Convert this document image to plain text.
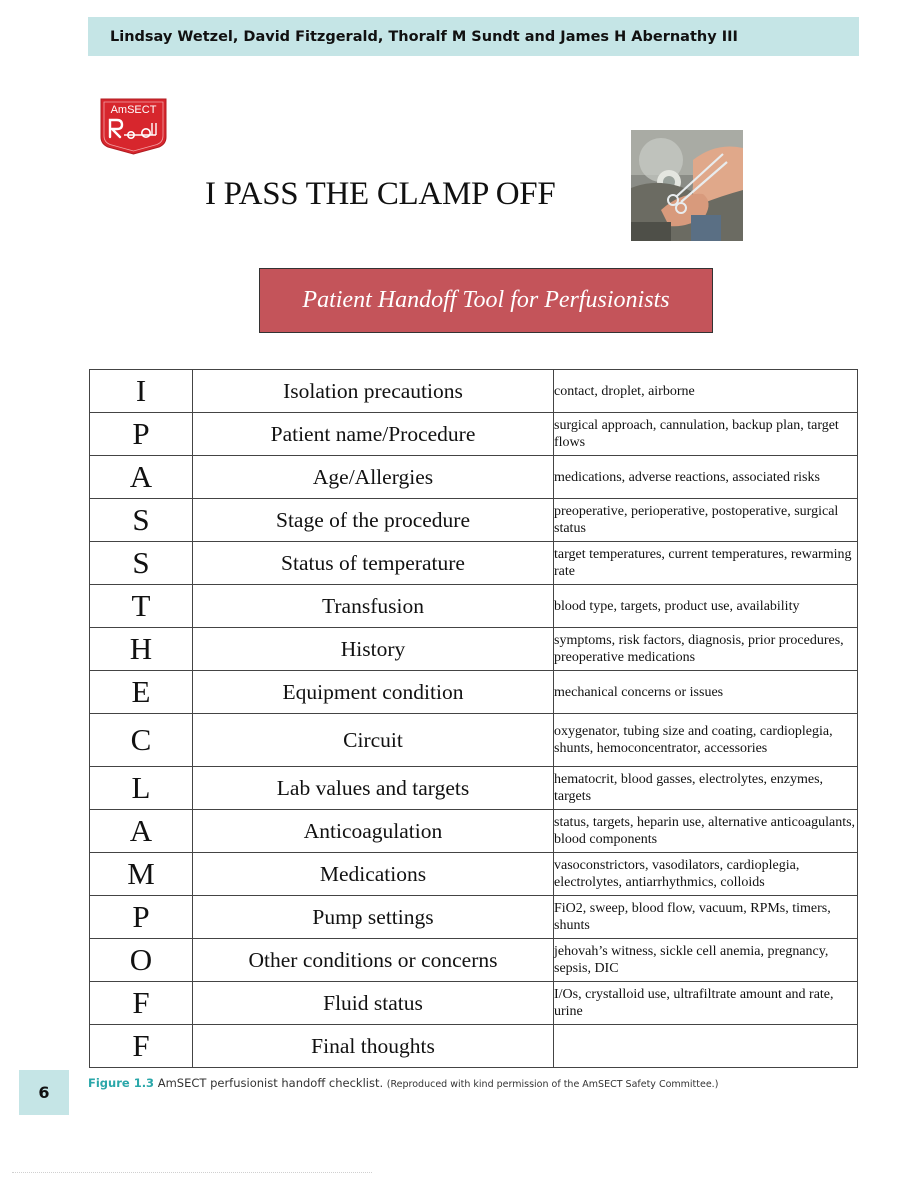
Lindsay Wetzel, David Fitzgerald, Thoralf M Sundt and James H Abernathy III
AmSECT
I PASS THE CLAMP OFF
Patient Handoff Tool for Perfusionists
I	Isolation precautions	contact, droplet, airborne
P	Patient name/Procedure	surgical approach, cannulation, backup plan, target flows
A	Age/Allergies	medications, adverse reactions, associated risks
S	Stage of the procedure	preoperative, perioperative, postoperative, surgical status
S	Status of temperature	target temperatures, current temperatures, rewarming rate
T	Transfusion	blood type, targets, product use, availability
H	History	symptoms, risk factors, diagnosis, prior procedures, preoperative medications
E	Equipment condition	mechanical concerns or issues
C	Circuit	oxygenator, tubing size and coating, cardioplegia, shunts, hemoconcentrator, accessories
L	Lab values and targets	hematocrit, blood gasses, electrolytes, enzymes, targets
A	Anticoagulation	status, targets, heparin use, alternative anticoagulants, blood components
M	Medications	vasoconstrictors, vasodilators, cardioplegia, electrolytes, antiarrhythmics, colloids
P	Pump settings	FiO2, sweep, blood flow, vacuum, RPMs, timers, shunts
O	Other conditions or concerns	jehovah’s witness, sickle cell anemia, pregnancy, sepsis, DIC
F	Fluid status	I/Os, crystalloid use, ultrafiltrate amount and rate, urine
F	Final thoughts	
6	Figure 1.3 AmSECT perfusionist handoff checklist. (Reproduced with kind permission of the AmSECT Safety Committee.)
